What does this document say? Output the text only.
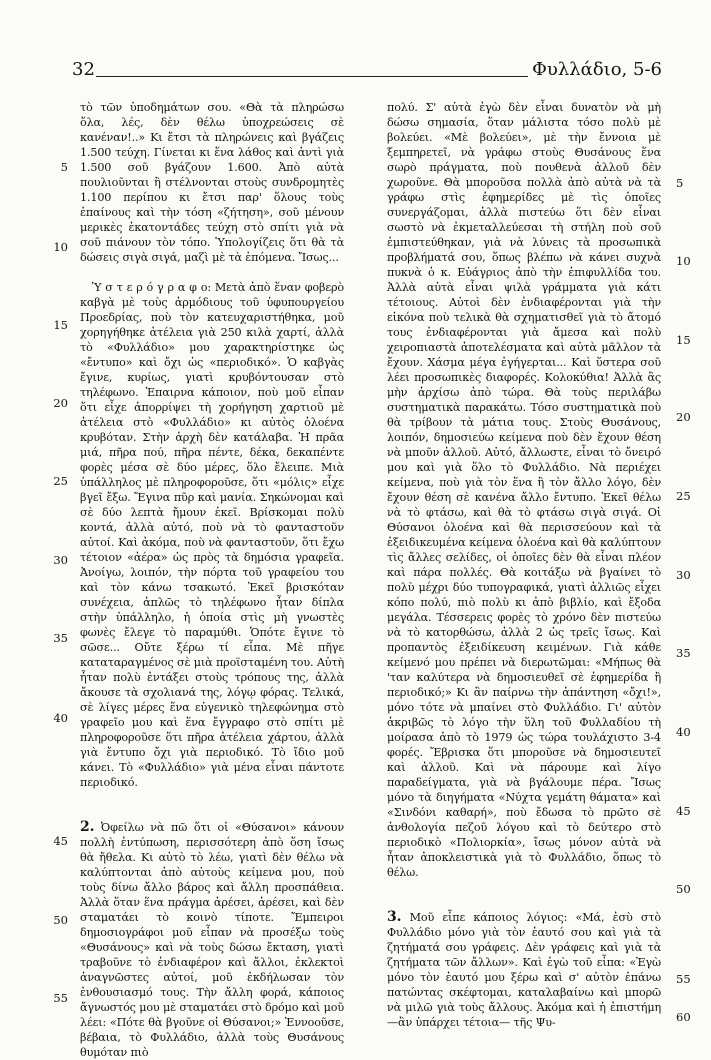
32	Φυλλάδιο, 5-6

τὸ τῶν ὑποδημάτων σου. «Θὰ τὰ πληρώσω ὅλα, λές, δὲν θέλω ὑποχρεώσεις σὲ κανέναν!..» Κι ἔτσι τὰ πληρώνεις καὶ βγάζεις 1.500 τεύχη. Γίνεται κι ἕνα λάθος καὶ ἀντὶ γιὰ 1.500 σοῦ βγάζουν 1.600. Ἀπὸ αὐτὰ πουλιοῦνται ἢ στέλνονται στοὺς συνδρομητὲς 1.100 περίπου κι ἔτσι παρ' ὅλους τοὺς ἐπαίνους καὶ τὴν τόση «ζήτηση», σοῦ μένουν μερικὲς ἑκατοντάδες τεύχη στὸ σπίτι γιὰ νὰ σοῦ πιάνουν τὸν τόπο. Ὑπολογίζεις ὅτι θὰ τὰ δώσεις σιγὰ σιγά, μαζὶ μὲ τὰ ἑπόμενα. Ἴσως...

Ὑ σ τ ε ρ ό γ ρ α φ ο: Μετὰ ἀπὸ ἕναν φοβερὸ καβγὰ μὲ τοὺς ἁρμόδιους τοῦ ὑφυπουργείου Προεδρίας, ποὺ τὸν κατευχαριστήθηκα, μοῦ χορηγήθηκε ἀτέλεια γιὰ 250 κιλὰ χαρτί, ἀλλὰ τὸ «Φυλλάδιο» μου χαρακτηρίστηκε ὡς «ἔντυπο» καὶ ὄχι ὡς «περιοδικό». Ὁ καβγὰς ἔγινε, κυρίως, γιατὶ κρυβόντουσαν στὸ τηλέφωνο. Ἐπαιρνα κάποιον, ποὺ μοῦ εἶπαν ὅτι εἶχε ἀπορρίψει τὴ χορήγηση χαρτιοῦ μὲ ἀτέλεια στὸ «Φυλλάδιο» κι αὐτὸς ὁλοένα κρυβόταν. Στὴν ἀρχὴ δὲν κατάλαβα. Ἡ πρᾶα μιά, πῆρα πού, πῆρα πέντε, δέκα, δεκαπέντε φορὲς μέσα σὲ δύο μέρες, ὅλο ἔλειπε. Μιὰ ὑπάλληλος μὲ πληροφοροῦσε, ὅτι «μόλις» εἶχε βγεῖ ἔξω. Ἔγινα πῦρ καὶ μανία. Σηκώνομαι καὶ σὲ δύο λεπτὰ ἤμουν ἐκεῖ. Βρίσκομαι πολὺ κοντά, ἀλλὰ αὐτό, ποὺ νὰ τὸ φανταστοῦν αὐτοί. Καὶ ἀκόμα, ποὺ νὰ φανταστοῦν, ὅτι ἔχω τέτοιον «ἀέρα» ὡς πρὸς τὰ δημόσια γραφεῖα. Ἀνοίγω, λοιπόν, τὴν πόρτα τοῦ γραφείου του καὶ τὸν κάνω τσακωτό. Ἐκεῖ βρισκόταν συνέχεια, ἁπλῶς τὸ τηλέφωνο ἦταν δίπλα στὴν ὑπάλληλο, ἡ ὁποία στὶς μὴ γνωστὲς φωνὲς ἔλεγε τὸ παραμύθι. Ὁπότε ἔγινε τὸ σῶσε... Οὔτε ξέρω τί εἶπα. Μὲ πῆγε καταταραγμένος σὲ μιὰ προϊσταμένη του. Αὐτὴ ἦταν πολὺ ἐντάξει στοὺς τρόπους της, ἀλλὰ ἄκουσε τὰ σχολιανά της, λόγῳ φόρας. Τελικά, σὲ λίγες μέρες ἕνα εὐγενικὸ τηλεφώνημα στὸ γραφεῖο μου καὶ ἕνα ἔγγραφο στὸ σπίτι μὲ πληροφοροῦσε ὅτι πῆρα ἀτέλεια χάρτου, ἀλλὰ γιὰ ἔντυπο ὄχι γιὰ περιοδικό. Τὸ ἴδιο μοῦ κάνει. Τὸ «Φυλλάδιο» γιὰ μένα εἶναι πάντοτε περιοδικό.

2. Ὀφείλω νὰ πῶ ὅτι οἱ «Θύσανοι» κάνουν πολλὴ ἐντύπωση, περισσότερη ἀπὸ ὅση ἴσως θὰ ἤθελα. Κι αὐτὸ τὸ λέω, γιατὶ δὲν θέλω νὰ καλύπτονται ἀπὸ αὐτοὺς κείμενα μου, ποὺ τοὺς δίνω ἄλλο βάρος καὶ ἄλλη προσπάθεια. Ἀλλὰ ὅταν ἕνα πράγμα ἀρέσει, ἀρέσει, καὶ δὲν σταματάει τὸ κοινὸ τίποτε. Ἔμπειροι δημοσιογράφοι μοῦ εἶπαν νὰ προσέξω τοὺς «Θυσάνους» καὶ νὰ τοὺς δώσω ἔκταση, γιατὶ τραβοῦνε τὸ ἐνδιαφέρον καὶ ἄλλοι, ἐκλεκτοὶ ἀναγνῶστες αὐτοί, μοῦ ἐκδήλωσαν τὸν ἐνθουσιασμό τους. Τὴν ἄλλη φορά, κάποιος ἄγνωστός μου μὲ σταματάει στὸ δρόμο καὶ μοῦ λέει: «Πότε θὰ βγοῦνε οἱ Θύσανοι;» Ἐννοοῦσε, βέβαια, τὸ Φυλλάδιο, ἀλλὰ τοὺς Θυσάνους θυμόταν πιὸ

πολύ. Σ' αὐτὰ ἐγὼ δὲν εἶναι δυνατὸν νὰ μὴ δώσω σημασία, ὅταν μάλιστα τόσο πολὺ μὲ βολεύει. «Μὲ βολεύει», μὲ τὴν ἔννοια μὲ ξεμπηρετεῖ, νὰ γράφω στοὺς Θυσάνους ἕνα σωρὸ πράγματα, ποὺ πουθενὰ ἀλλοῦ δὲν χωροῦνε. Θὰ μποροῦσα πολλὰ ἀπὸ αὐτὰ νὰ τὰ γράφω στὶς ἐφημερίδες μὲ τὶς ὁποῖες συνεργάζομαι, ἀλλὰ πιστεύω ὅτι δὲν εἶναι σωστὸ νὰ ἐκμεταλλεύεσαι τὴ στήλη ποὺ σοῦ ἐμπιστεύθηκαν, γιὰ νὰ λύνεις τὰ προσωπικὰ προβλήματά σου, ὅπως βλέπω νὰ κάνει συχνὰ πυκνὰ ὁ κ. Εὐάγριος ἀπὸ τὴν ἐπιφυλλίδα του. Ἀλλὰ αὐτὰ εἶναι ψιλὰ γράμματα γιὰ κάτι τέτοιους. Αὐτοὶ δὲν ἐνδιαφέρονται γιὰ τὴν εἰκόνα ποὺ τελικὰ θὰ σχηματισθεῖ γιὰ τὸ ἄτομό τους ἐνδιαφέρονται γιὰ ἄμεσα καὶ πολὺ χειροπιαστὰ ἀποτελέσματα καὶ αὐτὰ μᾶλλον τὰ ἔχουν. Χάσμα μέγα ἐγήγερται... Καὶ ὕστερα σοῦ λέει προσωπικὲς διαφορές. Κολοκύθια! Ἀλλὰ ἂς μὴν ἀρχίσω ἀπὸ τώρα. Θὰ τοὺς περιλάβω συστηματικὰ παρακάτω. Τόσο συστηματικὰ ποὺ θὰ τρίβουν τὰ μάτια τους. Στοὺς Θυσάνους, λοιπόν, δημοσιεύω κείμενα ποὺ δὲν ἔχουν θέση νὰ μποῦν ἀλλοῦ. Αὐτό, ἄλλωστε, εἶναι τὸ ὄνειρό μου καὶ γιὰ ὅλο τὸ Φυλλάδιο. Νὰ περιέχει κείμενα, ποὺ γιὰ τὸν ἕνα ἢ τὸν ἄλλο λόγο, δὲν ἔχουν θέση σὲ κανένα ἄλλο ἔντυπο. Ἐκεῖ θέλω νὰ τὸ φτάσω, καὶ θὰ τὸ φτάσω σιγὰ σιγά. Οἱ Θύσανοι ὁλοένα καὶ θὰ περισσεύουν καὶ τὰ ἐξειδικευμένα κείμενα ὁλοένα καὶ θὰ καλύπτουν τὶς ἄλλες σελίδες, οἱ ὁποῖες δὲν θὰ εἶναι πλέον καὶ πάρα πολλές. Θὰ κοιτάξω νὰ βγαίνει τὸ πολὺ μέχρι δύο τυπογραφικά, γιατὶ ἀλλιῶς εἶχει κόπο πολύ, πιὸ πολὺ κι ἀπὸ βιβλίο, καὶ ἔξοδα μεγάλα. Τέσσερεις φορὲς τὸ χρόνο δὲν πιστεύω νὰ τὸ κατορθώσω, ἀλλὰ 2 ὡς τρεῖς ἴσως. Καὶ προπαντὸς ἐξειδίκευση κειμένων. Γιὰ κάθε κείμενό μου πρέπει νὰ διερωτῶμαι: «Μήπως θὰ 'ταν καλύτερα νὰ δημοσιευθεῖ σὲ ἐφημερίδα ἢ περιοδικό;» Κι ἂν παίρνω τὴν ἀπάντηση «ὄχι!», μόνο τότε νὰ μπαίνει στὸ Φυλλάδιο. Γι' αὐτὸν ἀκριβῶς τὸ λόγο τὴν ὕλη τοῦ Φυλλαδίου τὴ μοίρασα ἀπὸ τὸ 1979 ὡς τώρα τουλάχιστο 3-4 φορές. Ἔβρισκα ὅτι μποροῦσε νὰ δημοσιευτεῖ καὶ ἀλλοῦ. Καὶ νὰ πάρουμε καὶ λίγο παραδείγματα, γιὰ νὰ βγάλουμε πέρα. Ἴσως μόνο τὰ διηγήματα «Νύχτα γεμάτη θάματα» καὶ «Σινδόνι καθαρή», ποὺ ἔδωσα τὸ πρῶτο σὲ ἀνθολογία πεζοῦ λόγου καὶ τὸ δεύτερο στὸ περιοδικὸ «Πολιορκία», ἴσως μόνον αὐτὰ νὰ ἦταν ἀποκλειστικὰ γιὰ τὸ Φυλλάδιο, ὅπως τὸ θέλω.

3. Μοῦ εἶπε κάποιος λόγιος: «Μά, ἐσὺ στὸ Φυλλάδιο μόνο γιὰ τὸν ἑαυτό σου καὶ γιὰ τὰ ζητήματά σου γράφεις. Δὲν γράφεις καὶ γιὰ τὰ ζητήματα τῶν ἄλλων». Καὶ ἐγὼ τοῦ εἶπα: «Ἐγὼ μόνο τὸν ἑαυτό μου ξέρω καὶ σ' αὐτὸν ἐπάνω πατώντας σκέφτομαι, καταλαβαίνω καὶ μπορῶ νὰ μιλῶ γιὰ τοὺς ἄλλους. Ἀκόμα καὶ ἡ ἐπιστήμη —ἂν ὑπάρχει τέτοια— τῆς Ψυ-

5
10
15
20
25
30
35
40
45
50
55
5
10
15
20
25
30
35
40
45
50
55
60
